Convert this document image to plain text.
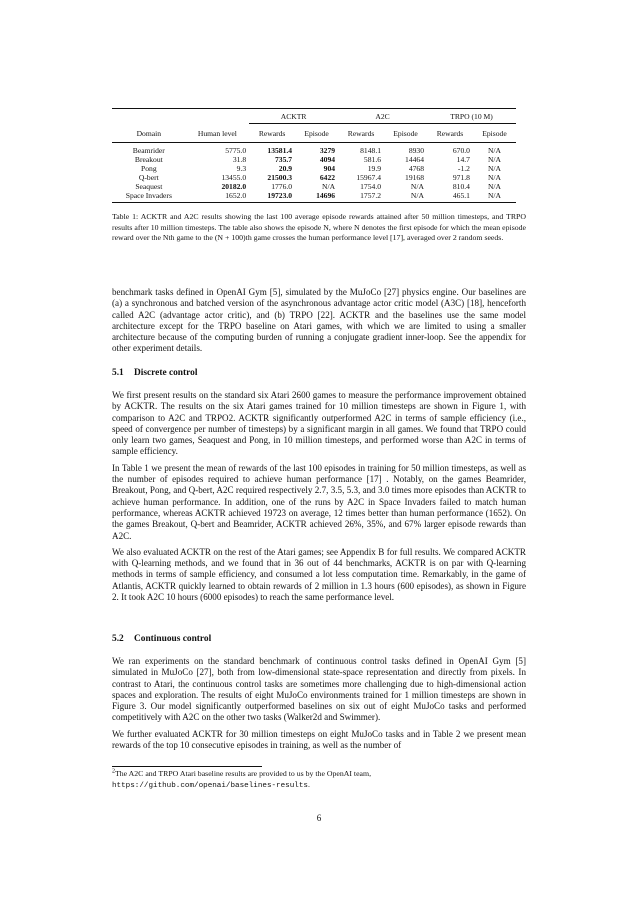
		ACKTR		A2C		TRPO (10 M)	
Domain	Human level	Rewards	Episode	Rewards	Episode	Rewards	Episode
Beamrider	5775.0	13581.4	3279	8148.1	8930	670.0	N/A
Breakout	31.8	735.7	4094	581.6	14464	14.7	N/A
Pong	9.3	20.9	904	19.9	4768	-1.2	N/A
Q-bert	13455.0	21500.3	6422	15967.4	19168	971.8	N/A
Seaquest	20182.0	1776.0	N/A	1754.0	N/A	810.4	N/A
Space Invaders	1652.0	19723.0	14696	1757.2	N/A	465.1	N/A
Table 1: ACKTR and A2C results showing the last 100 average episode rewards attained after 50 million timesteps, and TRPO results after 10 million timesteps. The table also shows the episode N, where N denotes the first episode for which the mean episode reward over the Nth game to the (N + 100)th game crosses the human performance level [17], averaged over 2 random seeds.

benchmark tasks defined in OpenAI Gym [5], simulated by the MuJoCo [27] physics engine. Our baselines are (a) a synchronous and batched version of the asynchronous advantage actor critic model (A3C) [18], henceforth called A2C (advantage actor critic), and (b) TRPO [22]. ACKTR and the baselines use the same model architecture except for the TRPO baseline on Atari games, with which we are limited to using a smaller architecture because of the computing burden of running a conjugate gradient inner-loop. See the appendix for other experiment details.

5.1 Discrete control

We first present results on the standard six Atari 2600 games to measure the performance improvement obtained by ACKTR. The results on the six Atari games trained for 10 million timesteps are shown in Figure 1, with comparison to A2C and TRPO2. ACKTR significantly outperformed A2C in terms of sample efficiency (i.e., speed of convergence per number of timesteps) by a significant margin in all games. We found that TRPO could only learn two games, Seaquest and Pong, in 10 million timesteps, and performed worse than A2C in terms of sample efficiency.

In Table 1 we present the mean of rewards of the last 100 episodes in training for 50 million timesteps, as well as the number of episodes required to achieve human performance [17] . Notably, on the games Beamrider, Breakout, Pong, and Q-bert, A2C required respectively 2.7, 3.5, 5.3, and 3.0 times more episodes than ACKTR to achieve human performance. In addition, one of the runs by A2C in Space Invaders failed to match human performance, whereas ACKTR achieved 19723 on average, 12 times better than human performance (1652). On the games Breakout, Q-bert and Beamrider, ACKTR achieved 26%, 35%, and 67% larger episode rewards than A2C.

We also evaluated ACKTR on the rest of the Atari games; see Appendix B for full results. We compared ACKTR with Q-learning methods, and we found that in 36 out of 44 benchmarks, ACKTR is on par with Q-learning methods in terms of sample efficiency, and consumed a lot less computation time. Remarkably, in the game of Atlantis, ACKTR quickly learned to obtain rewards of 2 million in 1.3 hours (600 episodes), as shown in Figure 2. It took A2C 10 hours (6000 episodes) to reach the same performance level.

5.2 Continuous control

We ran experiments on the standard benchmark of continuous control tasks defined in OpenAI Gym [5] simulated in MuJoCo [27], both from low-dimensional state-space representation and directly from pixels. In contrast to Atari, the continuous control tasks are sometimes more challenging due to high-dimensional action spaces and exploration. The results of eight MuJoCo environments trained for 1 million timesteps are shown in Figure 3. Our model significantly outperformed baselines on six out of eight MuJoCo tasks and performed competitively with A2C on the other two tasks (Walker2d and Swimmer).

We further evaluated ACKTR for 30 million timesteps on eight MuJoCo tasks and in Table 2 we present mean rewards of the top 10 consecutive episodes in training, as well as the number of

$^2$The A2C and TRPO Atari baseline results are provided to us by the OpenAI team, https://github.com/openai/baselines-results.
6
